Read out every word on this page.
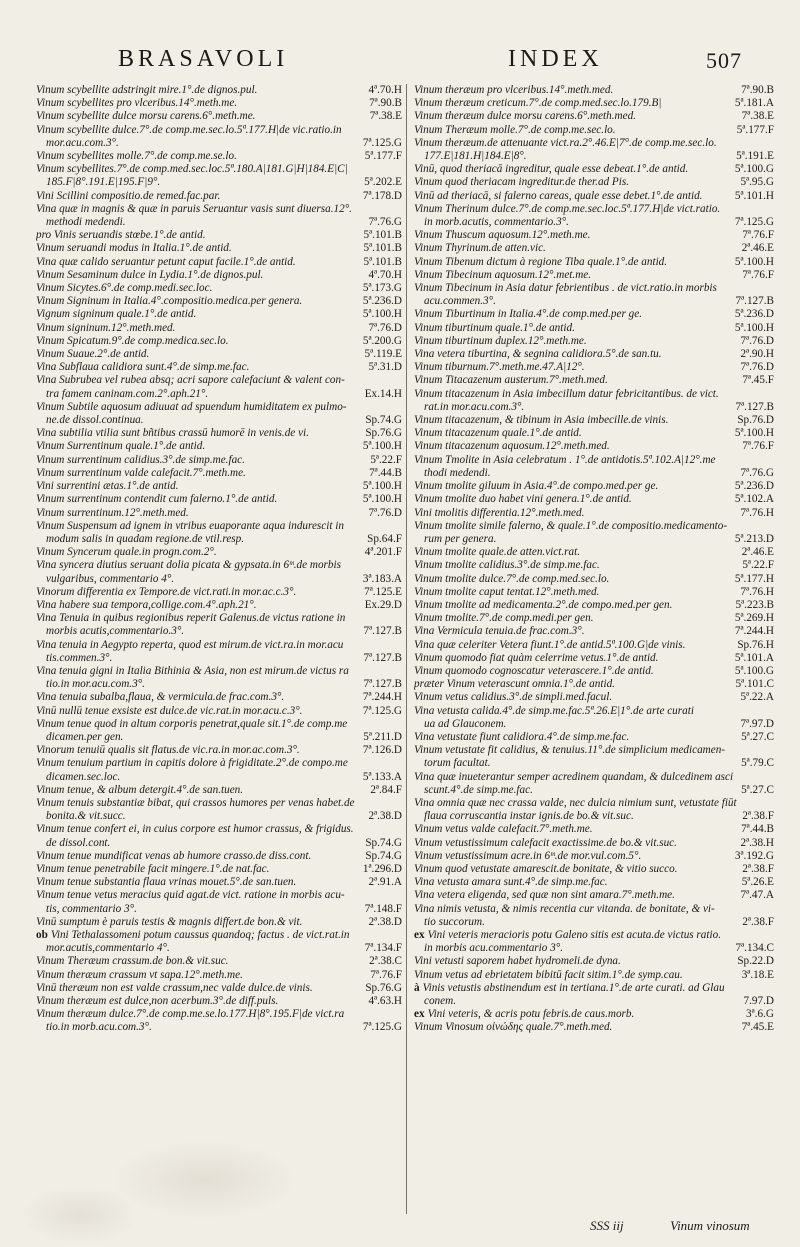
BRASAVOLI	INDEX	507
Vinum scybellite adstringit mire.1°.de dignos.pul.	4ª.70.H
Vinum scybellites pro vlceribus.14°.meth.me.	7ª.90.B
Vinum scybellite dulce morsu carens.6°.meth.me.	7ª.38.E
Vinum scybellite dulce.7°.de comp.me.sec.lo.5ª.177.H|de vic.ratio.in
mor.acu.com.3°.	7ª.125.G
Vinum scybellites molle.7°.de comp.me.se.lo.	5ª.177.F
Vinum scybellites.7°.de comp.med.sec.loc.5ª.180.A|181.G|H|184.E|C|
185.F|8°.191.E|195.F|9°.	5ª.202.E
Vini Scillini compositio.de remed.fac.par.	7ª.178.D
Vina quæ in magnis & quæ in paruis Seruantur vasis sunt diuersa.12°.
methodi medendi.	7ª.76.G
pro Vinis seruandis stœbe.1°.de antid.	5ª.101.B
Vinum seruandi modus in Italia.1°.de antid.	5ª.101.B
Vina quæ calido seruantur petunt caput facile.1°.de antid.	5ª.101.B
Vinum Sesaminum dulce in Lydia.1°.de dignos.pul.	4ª.70.H
Vinum Sicytes.6°.de comp.medi.sec.loc.	5ª.173.G
Vinum Signinum in Italia.4°.compositio.medica.per genera.	5ª.236.D
Vignum signinum quale.1°.de antid.	5ª.100.H
Vinum signinum.12°.meth.med.	7ª.76.D
Vinum Spicatum.9°.de comp.medica.sec.lo.	5ª.200.G
Vinum Suaue.2°.de antid.	5ª.119.E
Vina Subflaua calidiora sunt.4°.de simp.me.fac.	5ª.31.D
Vina Subrubea vel rubea absq; acri sapore calefaciunt & valent con-
tra famem caninam.com.2°.aph.21°.	Ex.14.H
Vinum Subtile aquosum adiuuat ad spuendum humiditatem ex pulmo-
ne.de dissol.continua.	Sp.74.G
Vina subtilia vtilia sunt bñtibus crassū humorē in venis.de vi.	Sp.76.G
Vinum Surrentinum quale.1°.de antid.	5ª.100.H
Vinum surrentinum calidius.3°.de simp.me.fac.	5ª.22.F
Vinum surrentinum valde calefacit.7°.meth.me.	7ª.44.B
Vini surrentini ætas.1°.de antid.	5ª.100.H
Vinum surrentinum contendit cum falerno.1°.de antid.	5ª.100.H
Vinum surrentinum.12°.meth.med.	7ª.76.D
Vinum Suspensum ad ignem in vtribus euaporante aqua indurescit in
modum salis in quadam regione.de vtil.resp.	Sp.64.F
Vinum Syncerum quale.in progn.com.2°.	4ª.201.F
Vina syncera diutius seruant dolia picata & gypsata.in 6ᵐ.de morbis
vulgaribus, commentario 4°.	3ª.183.A
Vinorum differentia ex Tempore.de vict.rati.in mor.ac.c.3°.	7ª.125.E
Vina habere sua tempora,collige.com.4°.aph.21°.	Ex.29.D
Vina Tenuia in quibus regionibus reperit Galenus.de victus ratione in
morbis acutis,commentario.3°.	7ª.127.B
Vina tenuia in Aegypto reperta, quod est mirum.de vict.ra.in mor.acu
tis.commen.3°.	7ª.127.B
Vina tenuia gigni in Italia Bithinia & Asia, non est mirum.de victus ra
tio.in mor.acu.com.3°.	7ª.127.B
Vina tenuia subalba,flaua, & vermicula.de frac.com.3°.	7ª.244.H
Vinū nullū tenue exsiste est dulce.de vic.rat.in mor.acu.c.3°.	7ª.125.G
Vinum tenue quod in altum corporis penetrat,quale sit.1°.de comp.me
dicamen.per gen.	5ª.211.D
Vinorum tenuiū qualis sit flatus.de vic.ra.in mor.ac.com.3°.	7ª.126.D
Vinum tenuium partium in capitis dolore à frigiditate.2°.de compo.me
dicamen.sec.loc.	5ª.133.A
Vinum tenue, & album detergit.4°.de san.tuen.	2ª.84.F
Vinum tenuis substantiæ bibat, qui crassos humores per venas habet.de
bonita.& vit.succ.	2ª.38.D
Vinum tenue confert ei, in cuius corpore est humor crassus, & frigidus.
de dissol.cont.	Sp.74.G
Vinum tenue mundificat venas ab humore crasso.de diss.cont.	Sp.74.G
Vinum tenue penetrabile facit mingere.1°.de nat.fac.	1ª.296.D
Vinum tenue substantia flaua vrinas mouet.5°.de san.tuen.	2ª.91.A
Vinum tenue vetus meracius quid agat.de vict. ratione in morbis acu-
tis, commentario 3°.	7ª.148.F
Vinū sumptum è paruis testis & magnis differt.de bon.& vit.	2ª.38.D
ob Vini Tethalassomeni potum caussus quandoq; factus . de vict.rat.in
mor.acutis,commentario 4°.	7ª.134.F
Vinum Theræum crassum.de bon.& vit.suc.	2ª.38.C
Vinum theræum crassum vt sapa.12°.meth.me.	7ª.76.F
Vinū theræum non est valde crassum,nec valde dulce.de vinis.	Sp.76.G
Vinum theræum est dulce,non acerbum.3°.de diff.puls.	4ª.63.H
Vinum theræum dulce.7°.de comp.me.se.lo.177.H|8°.195.F|de vict.ra
tio.in morb.acu.com.3°.	7ª.125.G
Vinum theræum pro vlceribus.14°.meth.med.	7ª.90.B
Vinum theræum creticum.7°.de comp.med.sec.lo.179.B|	5ª.181.A
Vinum theræum dulce morsu carens.6°.meth.med.	7ª.38.E
Vinum Theræum molle.7°.de comp.me.sec.lo.	5ª.177.F
Vinum theræum.de attenuante vict.ra.2°.46.E|7°.de comp.me.sec.lo.
177.E|181.H|184.E|8°.	5ª.191.E
Vinū, quod theriacā ingreditur, quale esse debeat.1°.de antid.	5ª.100.G
Vinum quod theriacam ingreditur.de ther.ad Pis.	5ª.95.G
Vinū ad theriacā, si falerno careas, quale esse debet.1°.de antid.	5ª.101.H
Vinum Therinum dulce.7°.de comp.me.sec.loc.5ª.177.H|de vict.ratio.
in morb.acutis, commentario.3°.	7ª.125.G
Vinum Thuscum aquosum.12°.meth.me.	7ª.76.F
Vinum Thyrinum.de atten.vic.	2ª.46.E
Vinum Tibenum dictum à regione Tiba quale.1°.de antid.	5ª.100.H
Vinum Tibecinum aquosum.12°.met.me.	7ª.76.F
Vinum Tibecinum in Asia datur febrientibus . de vict.ratio.in morbis
acu.commen.3°.	7ª.127.B
Vinum Tiburtinum in Italia.4°.de comp.med.per ge.	5ª.236.D
Vinum tiburtinum quale.1°.de antid.	5ª.100.H
Vinum tiburtinum duplex.12°.meth.me.	7ª.76.D
Vina vetera tiburtina, & segnina calidiora.5°.de san.tu.	2ª.90.H
Vinum tiburnum.7°.meth.me.47.A|12°.	7ª.76.D
Vinum Titacazenum austerum.7°.meth.med.	7ª.45.F
Vinum titacazenum in Asia imbecillum datur febricitantibus. de vict.
rat.in mor.acu.com.3°.	7ª.127.B
Vinum titacazenum, & tibinum in Asia imbecille.de vinis.	Sp.76.D
Vinum titacazenum quale.1°.de antid.	5ª.100.H
Vinum titacazenum aquosum.12°.meth.med.	7ª.76.F
Vinum Tmolite in Asia celebratum . 1°.de antidotis.5ª.102.A|12°.me
thodi medendi.	7ª.76.G
Vinum tmolite giluum in Asia.4°.de compo.med.per ge.	5ª.236.D
Vinum tmolite duo habet vini genera.1°.de antid.	5ª.102.A
Vini tmolitis differentia.12°.meth.med.	7ª.76.H
Vinum tmolite simile falerno, & quale.1°.de compositio.medicamento-
rum per genera.	5ª.213.D
Vinum tmolite quale.de atten.vict.rat.	2ª.46.E
Vinum tmolite calidius.3°.de simp.me.fac.	5ª.22.F
Vinum tmolite dulce.7°.de comp.med.sec.lo.	5ª.177.H
Vinum tmolite caput tentat.12°.meth.med.	7ª.76.H
Vinum tmolite ad medicamenta.2°.de compo.med.per gen.	5ª.223.B
Vinum tmolite.7°.de comp.medi.per gen.	5ª.269.H
Vina Vermicula tenuia.de frac.com.3°.	7ª.244.H
Vina quæ celeriter Vetera fiunt.1°.de antid.5ª.100.G|de vinis.	Sp.76.H
Vinum quomodo fiat quàm celerrime vetus.1°.de antid.	5ª.101.A
Vinum quomodo cognoscatur veterascere.1°.de antid.	5ª.100.G
præter Vinum veterascunt omnia.1°.de antid.	5ª.101.C
Vinum vetus calidius.3°.de simpli.med.facul.	5ª.22.A
Vina vetusta calida.4°.de simp.me.fac.5ª.26.E|1°.de arte curati
ua ad Glauconem.	7ª.97.D
Vina vetustate fiunt calidiora.4°.de simp.me.fac.	5ª.27.C
Vinum vetustate fit calidius, & tenuius.11°.de simplicium medicamen-
torum facultat.	5ª.79.C
Vina quæ inueterantur semper acredinem quandam, & dulcedinem asci
scunt.4°.de simp.me.fac.	5ª.27.C
Vina omnia quæ nec crassa valde, nec dulcia nimium sunt, vetustate fiūt
flaua corruscantia instar ignis.de bo.& vit.suc.	2ª.38.F
Vinum vetus valde calefacit.7°.meth.me.	7ª.44.B
Vinum vetustissimum calefacit exactissime.de bo.& vit.suc.	2ª.38.H
Vinum vetustissimum acre.in 6ᵐ.de mor.vul.com.5°.	3ª.192.G
Vinum quod vetustate amarescit.de bonitate, & vitio succo.	2ª.38.F
Vina vetusta amara sunt.4°.de simp.me.fac.	5ª.26.E
Vina vetera eligenda, sed quæ non sint amara.7°.meth.me.	7ª.47.A
Vina nimis vetusta, & nimis recentia cur vitanda. de bonitate, & vi-
tio succorum.	2ª.38.F
ex Vini veteris meracioris potu Galeno sitis est acuta.de victus ratio.
in morbis acu.commentario 3°.	7ª.134.C
Vini vetusti saporem habet hydromeli.de dyna.	Sp.22.D
Vinum vetus ad ebrietatem bibitū facit sitim.1°.de symp.cau.	3ª.18.E
à Vinis vetustis abstinendum est in tertiana.1°.de arte curati. ad Glau
conem.	7.97.D
ex Vini veteris, & acris potu febris.de caus.morb.	3ª.6.G
Vinum Vinosum οἰνώδης quale.7°.meth.med.	7ª.45.E
SSS iij	Vinum vinosum
